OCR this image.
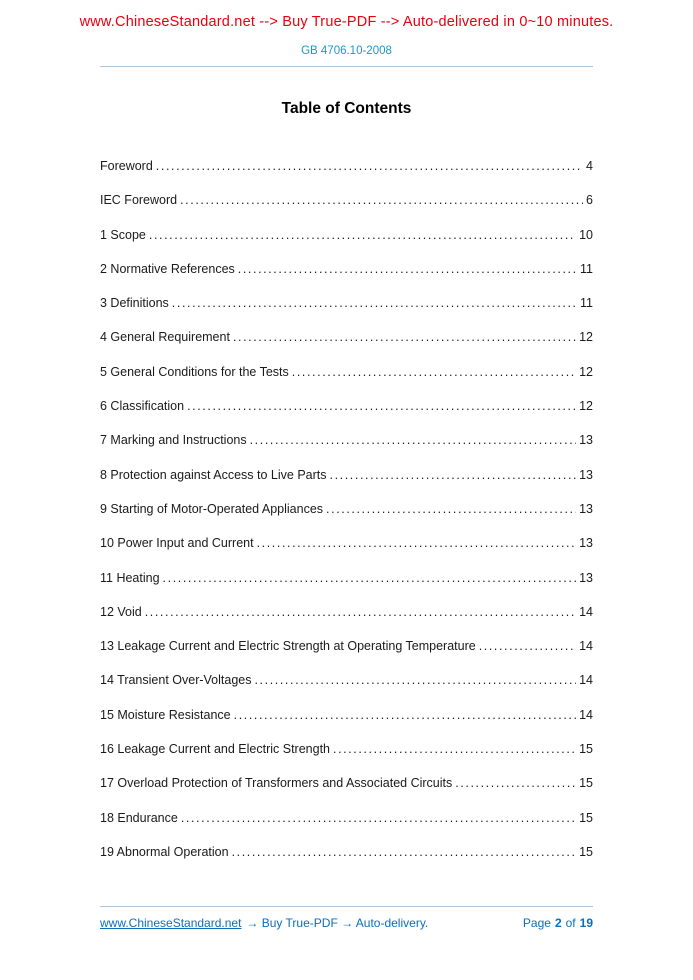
www.ChineseStandard.net --> Buy True-PDF --> Auto-delivered in 0~10 minutes.
GB 4706.10-2008
Table of Contents
Foreword .....	4
IEC Foreword .....	6
1 Scope .....	10
2 Normative References .....	11
3 Definitions .....	11
4 General Requirement .....	12
5 General Conditions for the Tests .....	12
6 Classification .....	12
7 Marking and Instructions .....	13
8 Protection against Access to Live Parts .....	13
9 Starting of Motor-Operated Appliances .....	13
10 Power Input and Current .....	13
11 Heating .....	13
12 Void .....	14
13 Leakage Current and Electric Strength at Operating Temperature .....	14
14 Transient Over-Voltages .....	14
15 Moisture Resistance .....	14
16 Leakage Current and Electric Strength .....	15
17 Overload Protection of Transformers and Associated Circuits .....	15
18 Endurance .....	15
19 Abnormal Operation .....	15
www.ChineseStandard.net → Buy True-PDF → Auto-delivery.	Page 2 of 19
